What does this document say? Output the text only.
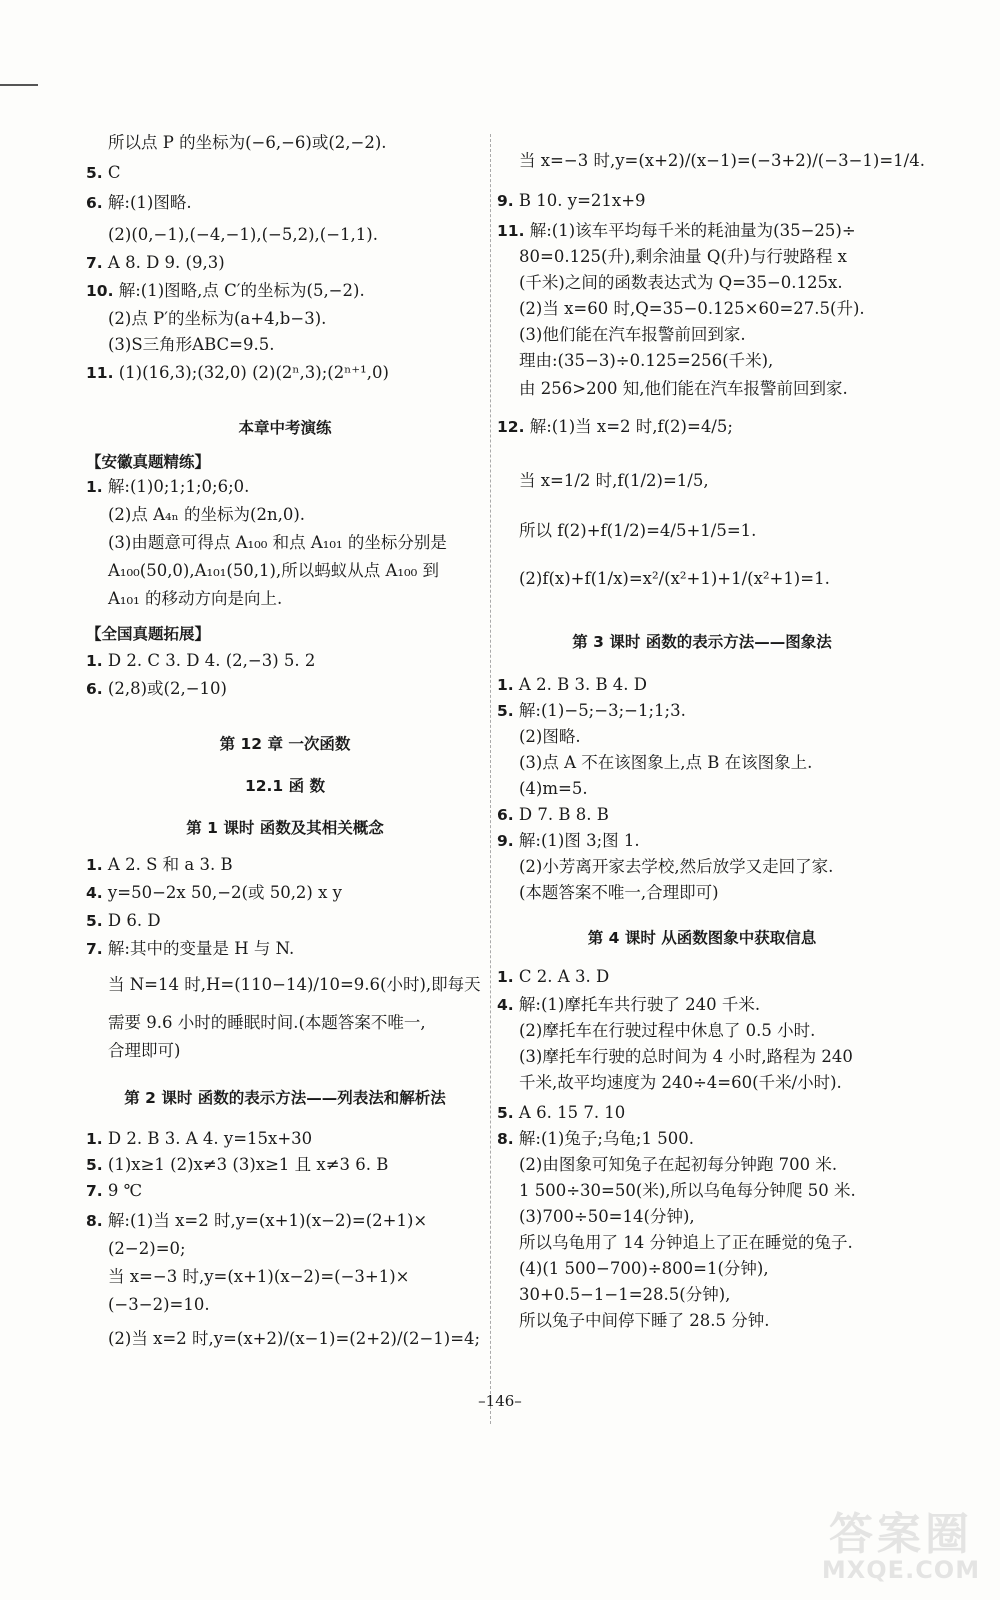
所以点 P 的坐标为(−6,−6)或(2,−2).
5. C
6. 解:(1)图略.
(2)(0,−1),(−4,−1),(−5,2),(−1,1).
7. A 8. D 9. (9,3)
10. 解:(1)图略,点 C′的坐标为(5,−2).
(2)点 P′的坐标为(a+4,b−3).
(3)S三角形ABC=9.5.
11. (1)(16,3);(32,0) (2)(2ⁿ,3);(2ⁿ⁺¹,0)
本章中考演练
【安徽真题精练】
1. 解:(1)0;1;1;0;6;0.
(2)点 A₄ₙ 的坐标为(2n,0).
(3)由题意可得点 A₁₀₀ 和点 A₁₀₁ 的坐标分别是
A₁₀₀(50,0),A₁₀₁(50,1),所以蚂蚁从点 A₁₀₀ 到
A₁₀₁ 的移动方向是向上.
【全国真题拓展】
1. D 2. C 3. D 4. (2,−3) 5. 2
6. (2,8)或(2,−10)
第 12 章 一次函数
12.1 函 数
第 1 课时 函数及其相关概念
1. A 2. S 和 a 3. B
4. y=50−2x 50,−2(或 50,2) x y
5. D 6. D
7. 解:其中的变量是 H 与 N.
当 N=14 时,H=(110−14)/10=9.6(小时),即每天
需要 9.6 小时的睡眠时间.(本题答案不唯一,
合理即可)
第 2 课时 函数的表示方法——列表法和解析法
1. D 2. B 3. A 4. y=15x+30
5. (1)x≥1 (2)x≠3 (3)x≥1 且 x≠3 6. B
7. 9 ℃
8. 解:(1)当 x=2 时,y=(x+1)(x−2)=(2+1)×
(2−2)=0;
当 x=−3 时,y=(x+1)(x−2)=(−3+1)×
(−3−2)=10.
(2)当 x=2 时,y=(x+2)/(x−1)=(2+2)/(2−1)=4;
当 x=−3 时,y=(x+2)/(x−1)=(−3+2)/(−3−1)=1/4.
9. B 10. y=21x+9
11. 解:(1)该车平均每千米的耗油量为(35−25)÷
80=0.125(升),剩余油量 Q(升)与行驶路程 x
(千米)之间的函数表达式为 Q=35−0.125x.
(2)当 x=60 时,Q=35−0.125×60=27.5(升).
(3)他们能在汽车报警前回到家.
理由:(35−3)÷0.125=256(千米),
由 256>200 知,他们能在汽车报警前回到家.
12. 解:(1)当 x=2 时,f(2)=4/5;
当 x=1/2 时,f(1/2)=1/5,
所以 f(2)+f(1/2)=4/5+1/5=1.
(2)f(x)+f(1/x)=x²/(x²+1)+1/(x²+1)=1.
第 3 课时 函数的表示方法——图象法
1. A 2. B 3. B 4. D
5. 解:(1)−5;−3;−1;1;3.
(2)图略.
(3)点 A 不在该图象上,点 B 在该图象上.
(4)m=5.
6. D 7. B 8. B
9. 解:(1)图 3;图 1.
(2)小芳离开家去学校,然后放学又走回了家.
(本题答案不唯一,合理即可)
第 4 课时 从函数图象中获取信息
1. C 2. A 3. D
4. 解:(1)摩托车共行驶了 240 千米.
(2)摩托车在行驶过程中休息了 0.5 小时.
(3)摩托车行驶的总时间为 4 小时,路程为 240
千米,故平均速度为 240÷4=60(千米/小时).
5. A 6. 15 7. 10
8. 解:(1)兔子;乌龟;1 500.
(2)由图象可知兔子在起初每分钟跑 700 米.
1 500÷30=50(米),所以乌龟每分钟爬 50 米.
(3)700÷50=14(分钟),
所以乌龟用了 14 分钟追上了正在睡觉的兔子.
(4)(1 500−700)÷800=1(分钟),
30+0.5−1−1=28.5(分钟),
所以兔子中间停下睡了 28.5 分钟.
–146–
答案圈
MXQE.COM
